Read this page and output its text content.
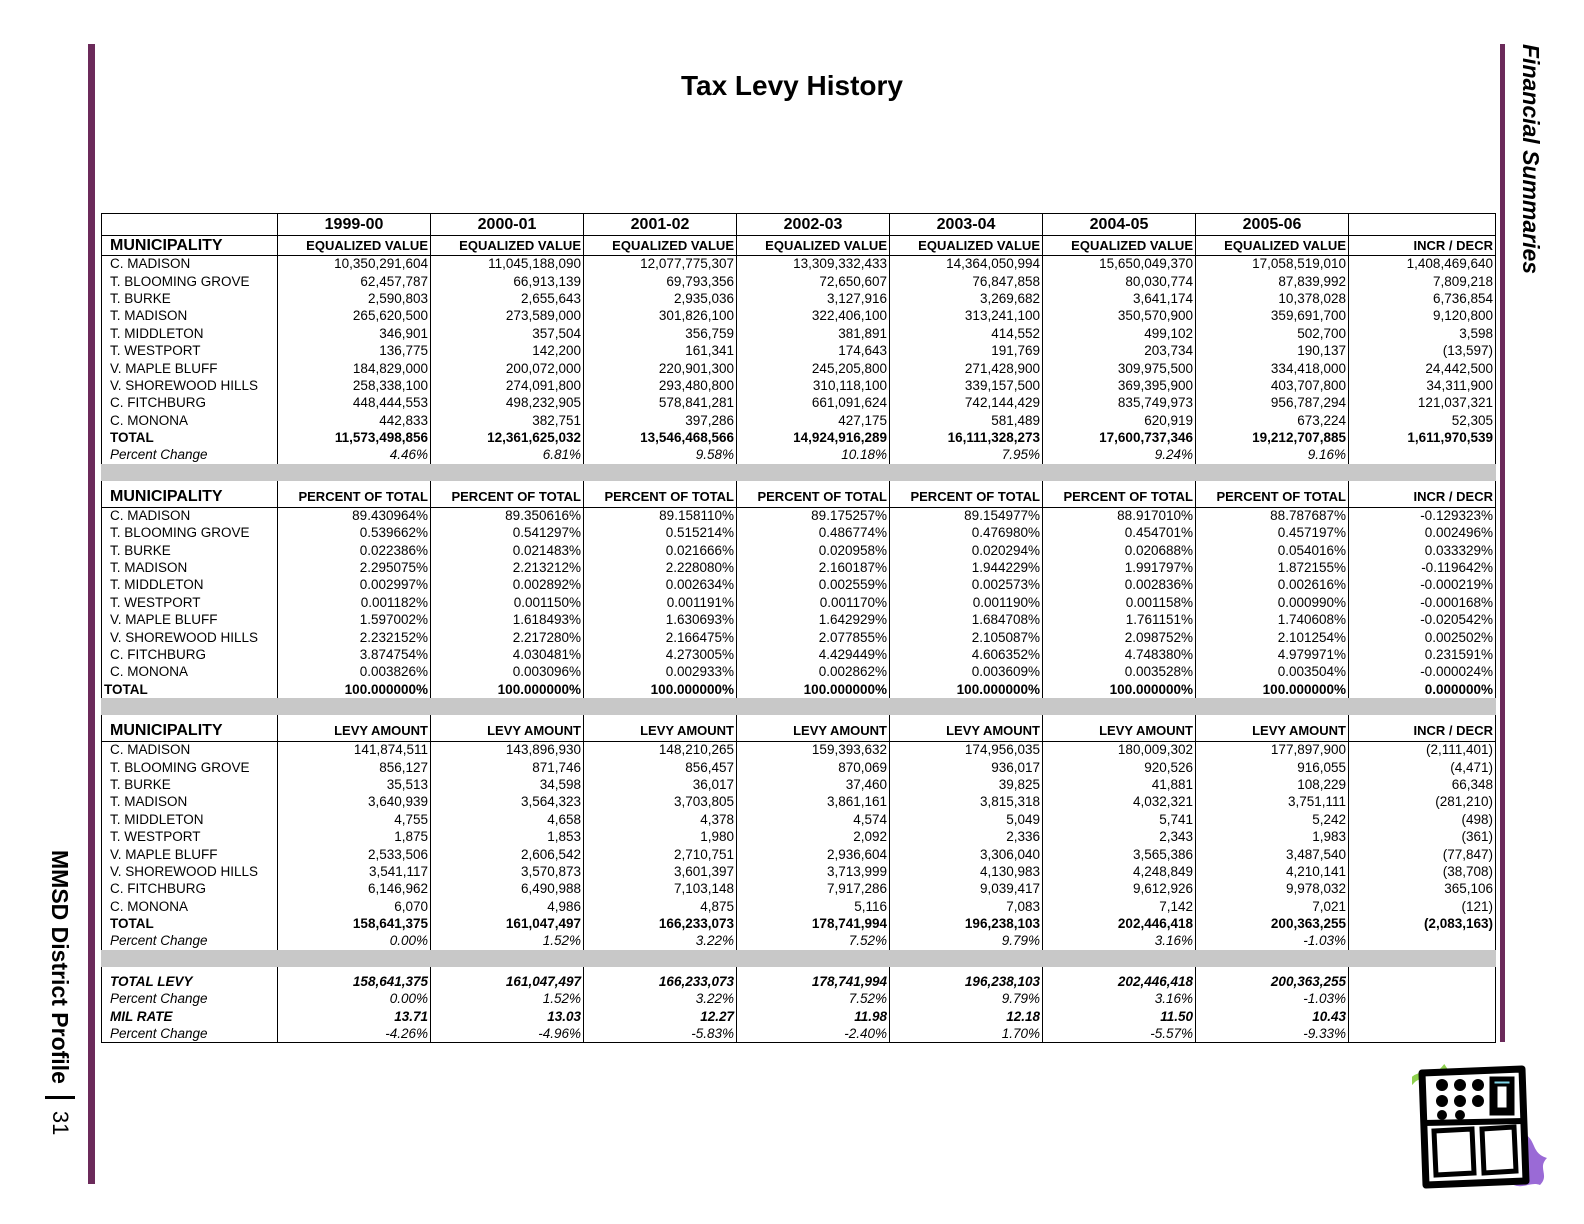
Tax Levy History	Financial Summaries
MMSD District Profile
31
	1999-00	2000-01	2001-02	2002-03	2003-04	2004-05	2005-06	
MUNICIPALITY	EQUALIZED VALUE	EQUALIZED VALUE	EQUALIZED VALUE	EQUALIZED VALUE	EQUALIZED VALUE	EQUALIZED VALUE	EQUALIZED VALUE	INCR / DECR
C. MADISON	10,350,291,604	11,045,188,090	12,077,775,307	13,309,332,433	14,364,050,994	15,650,049,370	17,058,519,010	1,408,469,640
T. BLOOMING GROVE	62,457,787	66,913,139	69,793,356	72,650,607	76,847,858	80,030,774	87,839,992	7,809,218
T. BURKE	2,590,803	2,655,643	2,935,036	3,127,916	3,269,682	3,641,174	10,378,028	6,736,854
T. MADISON	265,620,500	273,589,000	301,826,100	322,406,100	313,241,100	350,570,900	359,691,700	9,120,800
T. MIDDLETON	346,901	357,504	356,759	381,891	414,552	499,102	502,700	3,598
T. WESTPORT	136,775	142,200	161,341	174,643	191,769	203,734	190,137	(13,597)
V. MAPLE BLUFF	184,829,000	200,072,000	220,901,300	245,205,800	271,428,900	309,975,500	334,418,000	24,442,500
V. SHOREWOOD HILLS	258,338,100	274,091,800	293,480,800	310,118,100	339,157,500	369,395,900	403,707,800	34,311,900
C. FITCHBURG	448,444,553	498,232,905	578,841,281	661,091,624	742,144,429	835,749,973	956,787,294	121,037,321
C. MONONA	442,833	382,751	397,286	427,175	581,489	620,919	673,224	52,305
TOTAL	11,573,498,856	12,361,625,032	13,546,468,566	14,924,916,289	16,111,328,273	17,600,737,346	19,212,707,885	1,611,970,539
Percent Change	4.46%	6.81%	9.58%	10.18%	7.95%	9.24%	9.16%	

MUNICIPALITY	PERCENT OF TOTAL	PERCENT OF TOTAL	PERCENT OF TOTAL	PERCENT OF TOTAL	PERCENT OF TOTAL	PERCENT OF TOTAL	PERCENT OF TOTAL	INCR / DECR
C. MADISON	89.430964%	89.350616%	89.158110%	89.175257%	89.154977%	88.917010%	88.787687%	-0.129323%
T. BLOOMING GROVE	0.539662%	0.541297%	0.515214%	0.486774%	0.476980%	0.454701%	0.457197%	0.002496%
T. BURKE	0.022386%	0.021483%	0.021666%	0.020958%	0.020294%	0.020688%	0.054016%	0.033329%
T. MADISON	2.295075%	2.213212%	2.228080%	2.160187%	1.944229%	1.991797%	1.872155%	-0.119642%
T. MIDDLETON	0.002997%	0.002892%	0.002634%	0.002559%	0.002573%	0.002836%	0.002616%	-0.000219%
T. WESTPORT	0.001182%	0.001150%	0.001191%	0.001170%	0.001190%	0.001158%	0.000990%	-0.000168%
V. MAPLE BLUFF	1.597002%	1.618493%	1.630693%	1.642929%	1.684708%	1.761151%	1.740608%	-0.020542%
V. SHOREWOOD HILLS	2.232152%	2.217280%	2.166475%	2.077855%	2.105087%	2.098752%	2.101254%	0.002502%
C. FITCHBURG	3.874754%	4.030481%	4.273005%	4.429449%	4.606352%	4.748380%	4.979971%	0.231591%
C. MONONA	0.003826%	0.003096%	0.002933%	0.002862%	0.003609%	0.003528%	0.003504%	-0.000024%
TOTAL	100.000000%	100.000000%	100.000000%	100.000000%	100.000000%	100.000000%	100.000000%	0.000000%

MUNICIPALITY	LEVY AMOUNT	LEVY AMOUNT	LEVY AMOUNT	LEVY AMOUNT	LEVY AMOUNT	LEVY AMOUNT	LEVY AMOUNT	INCR / DECR
C. MADISON	141,874,511	143,896,930	148,210,265	159,393,632	174,956,035	180,009,302	177,897,900	(2,111,401)
T. BLOOMING GROVE	856,127	871,746	856,457	870,069	936,017	920,526	916,055	(4,471)
T. BURKE	35,513	34,598	36,017	37,460	39,825	41,881	108,229	66,348
T. MADISON	3,640,939	3,564,323	3,703,805	3,861,161	3,815,318	4,032,321	3,751,111	(281,210)
T. MIDDLETON	4,755	4,658	4,378	4,574	5,049	5,741	5,242	(498)
T. WESTPORT	1,875	1,853	1,980	2,092	2,336	2,343	1,983	(361)
V. MAPLE BLUFF	2,533,506	2,606,542	2,710,751	2,936,604	3,306,040	3,565,386	3,487,540	(77,847)
V. SHOREWOOD HILLS	3,541,117	3,570,873	3,601,397	3,713,999	4,130,983	4,248,849	4,210,141	(38,708)
C. FITCHBURG	6,146,962	6,490,988	7,103,148	7,917,286	9,039,417	9,612,926	9,978,032	365,106
C. MONONA	6,070	4,986	4,875	5,116	7,083	7,142	7,021	(121)
TOTAL	158,641,375	161,047,497	166,233,073	178,741,994	196,238,103	202,446,418	200,363,255	(2,083,163)
Percent Change	0.00%	1.52%	3.22%	7.52%	9.79%	3.16%	-1.03%	

TOTAL LEVY	158,641,375	161,047,497	166,233,073	178,741,994	196,238,103	202,446,418	200,363,255	
Percent Change	0.00%	1.52%	3.22%	7.52%	9.79%	3.16%	-1.03%	
MIL RATE	13.71	13.03	12.27	11.98	12.18	11.50	10.43	
Percent Change	-4.26%	-4.96%	-5.83%	-2.40%	1.70%	-5.57%	-9.33%	
